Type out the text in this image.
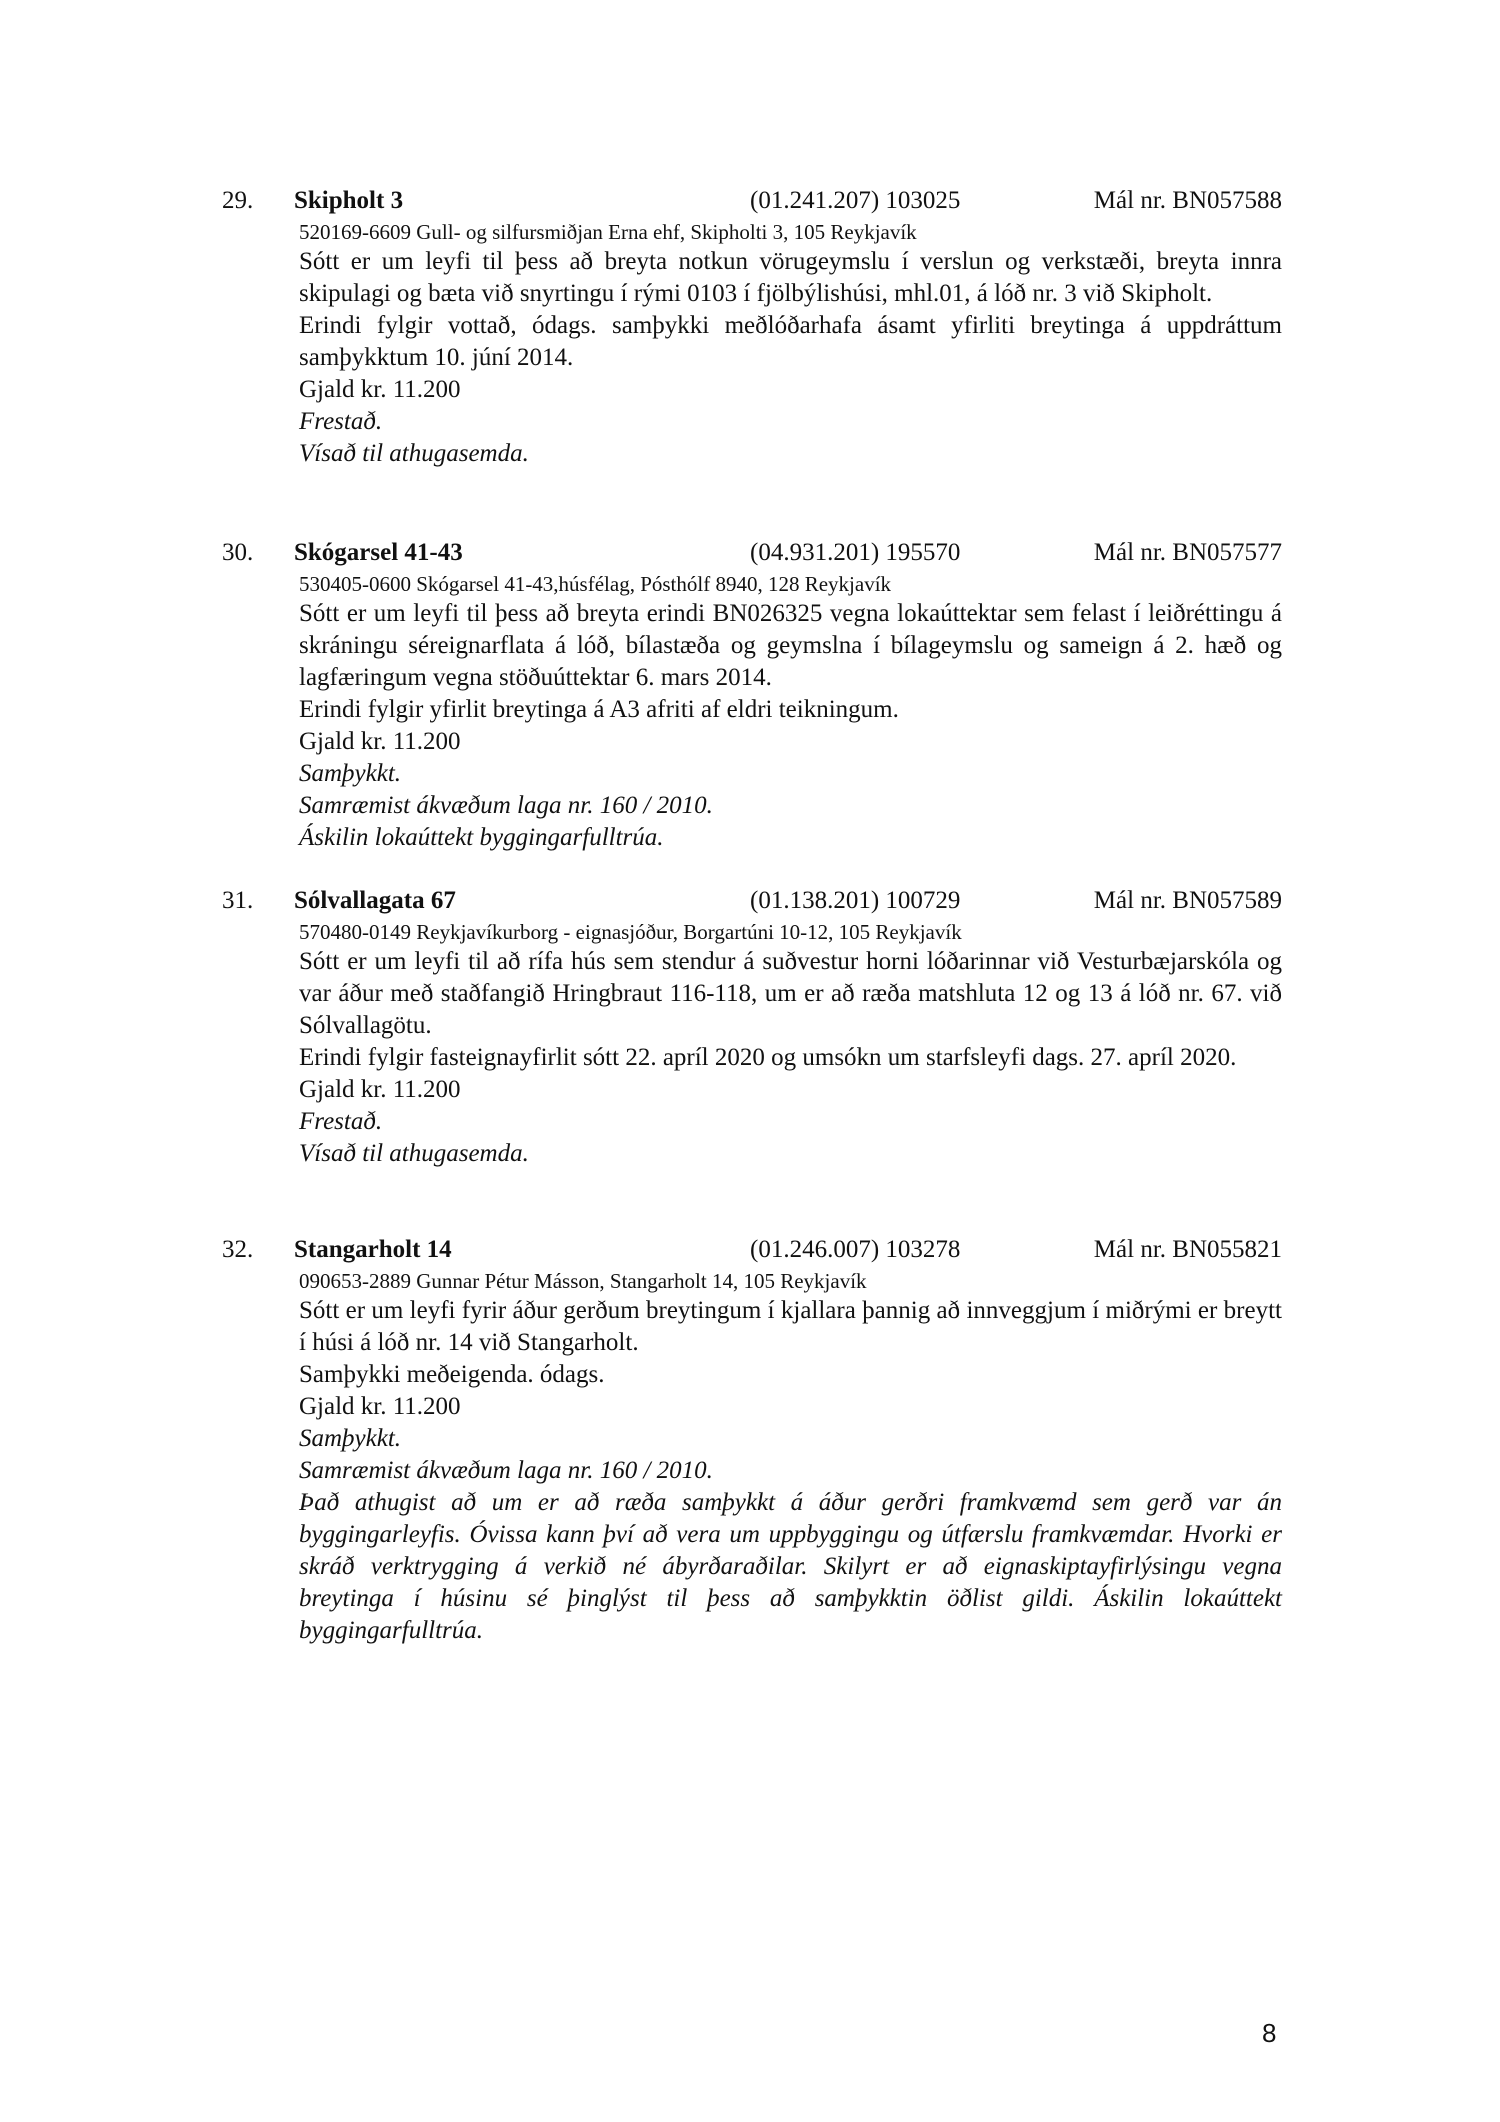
29. Skipholt 3	(01.241.207) 103025	Mál nr. BN057588
520169-6609 Gull- og silfursmiðjan Erna ehf, Skipholti 3, 105 Reykjavík
Sótt er um leyfi til þess að breyta notkun vörugeymslu í verslun og verkstæði, breyta innra skipulagi og bæta við snyrtingu í rými 0103 í fjölbýlishúsi, mhl.01, á lóð nr. 3 við Skipholt.
Erindi fylgir vottað, ódags. samþykki meðlóðarhafa ásamt yfirliti breytinga á uppdráttum samþykktum 10. júní 2014.
Gjald kr. 11.200
Frestað.
Vísað til athugasemda.
30. Skógarsel 41-43	(04.931.201) 195570	Mál nr. BN057577
530405-0600 Skógarsel 41-43,húsfélag, Pósthólf 8940, 128 Reykjavík
Sótt er um leyfi til þess að breyta erindi BN026325 vegna lokaúttektar sem felast í leiðréttingu á skráningu séreignarflata á lóð, bílastæða og geymslna í bílageymslu og sameign á 2. hæð og lagfæringum vegna stöðuúttektar 6. mars 2014.
Erindi fylgir yfirlit breytinga á A3 afriti af eldri teikningum.
Gjald kr. 11.200
Samþykkt.
Samræmist ákvæðum laga nr. 160 / 2010.
Áskilin lokaúttekt byggingarfulltrúa.
31. Sólvallagata 67	(01.138.201) 100729	Mál nr. BN057589
570480-0149 Reykjavíkurborg - eignasjóður, Borgartúni 10-12, 105 Reykjavík
Sótt er um leyfi til að rífa hús sem stendur á suðvestur horni lóðarinnar við Vesturbæjarskóla og var áður með staðfangið Hringbraut 116-118, um er að ræða matshluta 12 og 13 á lóð nr. 67. við Sólvallagötu.
Erindi fylgir fasteignayfirlit sótt 22. apríl 2020 og umsókn um starfsleyfi dags. 27. apríl 2020.
Gjald kr. 11.200
Frestað.
Vísað til athugasemda.
32. Stangarholt 14	(01.246.007) 103278	Mál nr. BN055821
090653-2889 Gunnar Pétur Másson, Stangarholt 14, 105 Reykjavík
Sótt er um leyfi fyrir áður gerðum breytingum í kjallara þannig að innveggjum í miðrými er breytt í húsi á lóð nr. 14 við Stangarholt.
Samþykki meðeigenda. ódags.
Gjald kr. 11.200
Samþykkt.
Samræmist ákvæðum laga nr. 160 / 2010.
Það athugist að um er að ræða samþykkt á áður gerðri framkvæmd sem gerð var án byggingarleyfis. Óvissa kann því að vera um uppbyggingu og útfærslu framkvæmdar. Hvorki er skráð verktrygging á verkið né ábyrðaraðilar. Skilyrt er að eignaskiptayfirlýsingu vegna breytinga í húsinu sé þinglýst til þess að samþykktin öðlist gildi. Áskilin lokaúttekt byggingarfulltrúa.
8
